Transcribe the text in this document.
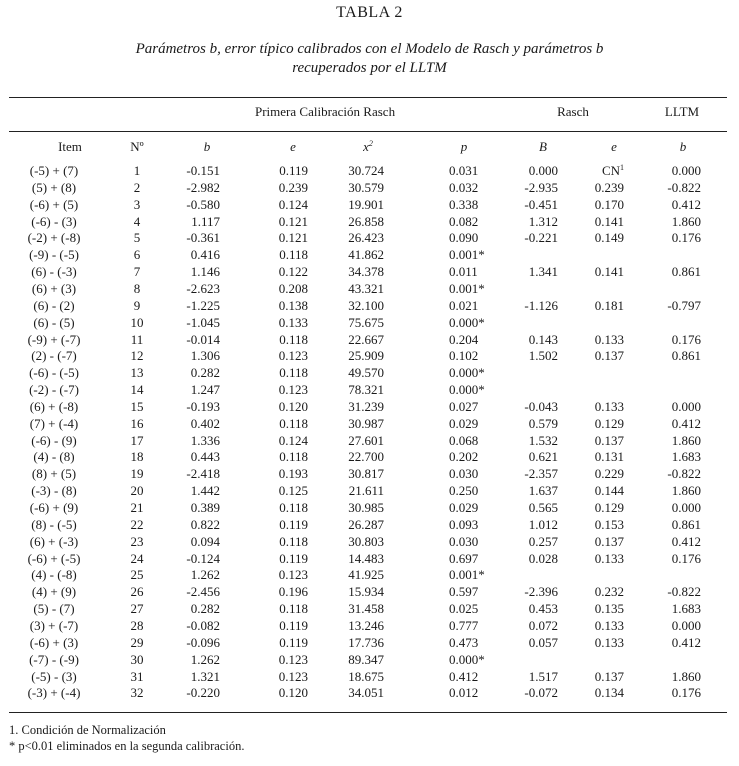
TABLA 2
Parámetros b, error típico calibrados con el Modelo de Rasch y parámetros b
recuperados por el LLTM
Primera Calibración Rasch	Rasch	LLTM
Item	Nº	b	e	$x^2$	p	B	e	b
(-5) + (7)	1	-0.151	0.119	30.724	0.031	0.000	$CN^1$	0.000
(5) + (8)	2	-2.982	0.239	30.579	0.032	-2.935	0.239	-0.822
(-6) + (5)	3	-0.580	0.124	19.901	0.338	-0.451	0.170	0.412
(-6) - (3)	4	1.117	0.121	26.858	0.082	1.312	0.141	1.860
(-2) + (-8)	5	-0.361	0.121	26.423	0.090	-0.221	0.149	0.176
(-9) - (-5)	6	0.416	0.118	41.862	0.001*
(6) - (-3)	7	1.146	0.122	34.378	0.011	1.341	0.141	0.861
(6) + (3)	8	-2.623	0.208	43.321	0.001*
(6) - (2)	9	-1.225	0.138	32.100	0.021	-1.126	0.181	-0.797
(6) - (5)	10	-1.045	0.133	75.675	0.000*
(-9) + (-7)	11	-0.014	0.118	22.667	0.204	0.143	0.133	0.176
(2) - (-7)	12	1.306	0.123	25.909	0.102	1.502	0.137	0.861
(-6) - (-5)	13	0.282	0.118	49.570	0.000*
(-2) - (-7)	14	1.247	0.123	78.321	0.000*
(6) + (-8)	15	-0.193	0.120	31.239	0.027	-0.043	0.133	0.000
(7) + (-4)	16	0.402	0.118	30.987	0.029	0.579	0.129	0.412
(-6) - (9)	17	1.336	0.124	27.601	0.068	1.532	0.137	1.860
(4) - (8)	18	0.443	0.118	22.700	0.202	0.621	0.131	1.683
(8) + (5)	19	-2.418	0.193	30.817	0.030	-2.357	0.229	-0.822
(-3) - (8)	20	1.442	0.125	21.611	0.250	1.637	0.144	1.860
(-6) + (9)	21	0.389	0.118	30.985	0.029	0.565	0.129	0.000
(8) - (-5)	22	0.822	0.119	26.287	0.093	1.012	0.153	0.861
(6) + (-3)	23	0.094	0.118	30.803	0.030	0.257	0.137	0.412
(-6) + (-5)	24	-0.124	0.119	14.483	0.697	0.028	0.133	0.176
(4) - (-8)	25	1.262	0.123	41.925	0.001*
(4) + (9)	26	-2.456	0.196	15.934	0.597	-2.396	0.232	-0.822
(5) - (7)	27	0.282	0.118	31.458	0.025	0.453	0.135	1.683
(3) + (-7)	28	-0.082	0.119	13.246	0.777	0.072	0.133	0.000
(-6) + (3)	29	-0.096	0.119	17.736	0.473	0.057	0.133	0.412
(-7) - (-9)	30	1.262	0.123	89.347	0.000*
(-5) - (3)	31	1.321	0.123	18.675	0.412	1.517	0.137	1.860
(-3) + (-4)	32	-0.220	0.120	34.051	0.012	-0.072	0.134	0.176
1. Condición de Normalización
* p<0.01 eliminados en la segunda calibración.
